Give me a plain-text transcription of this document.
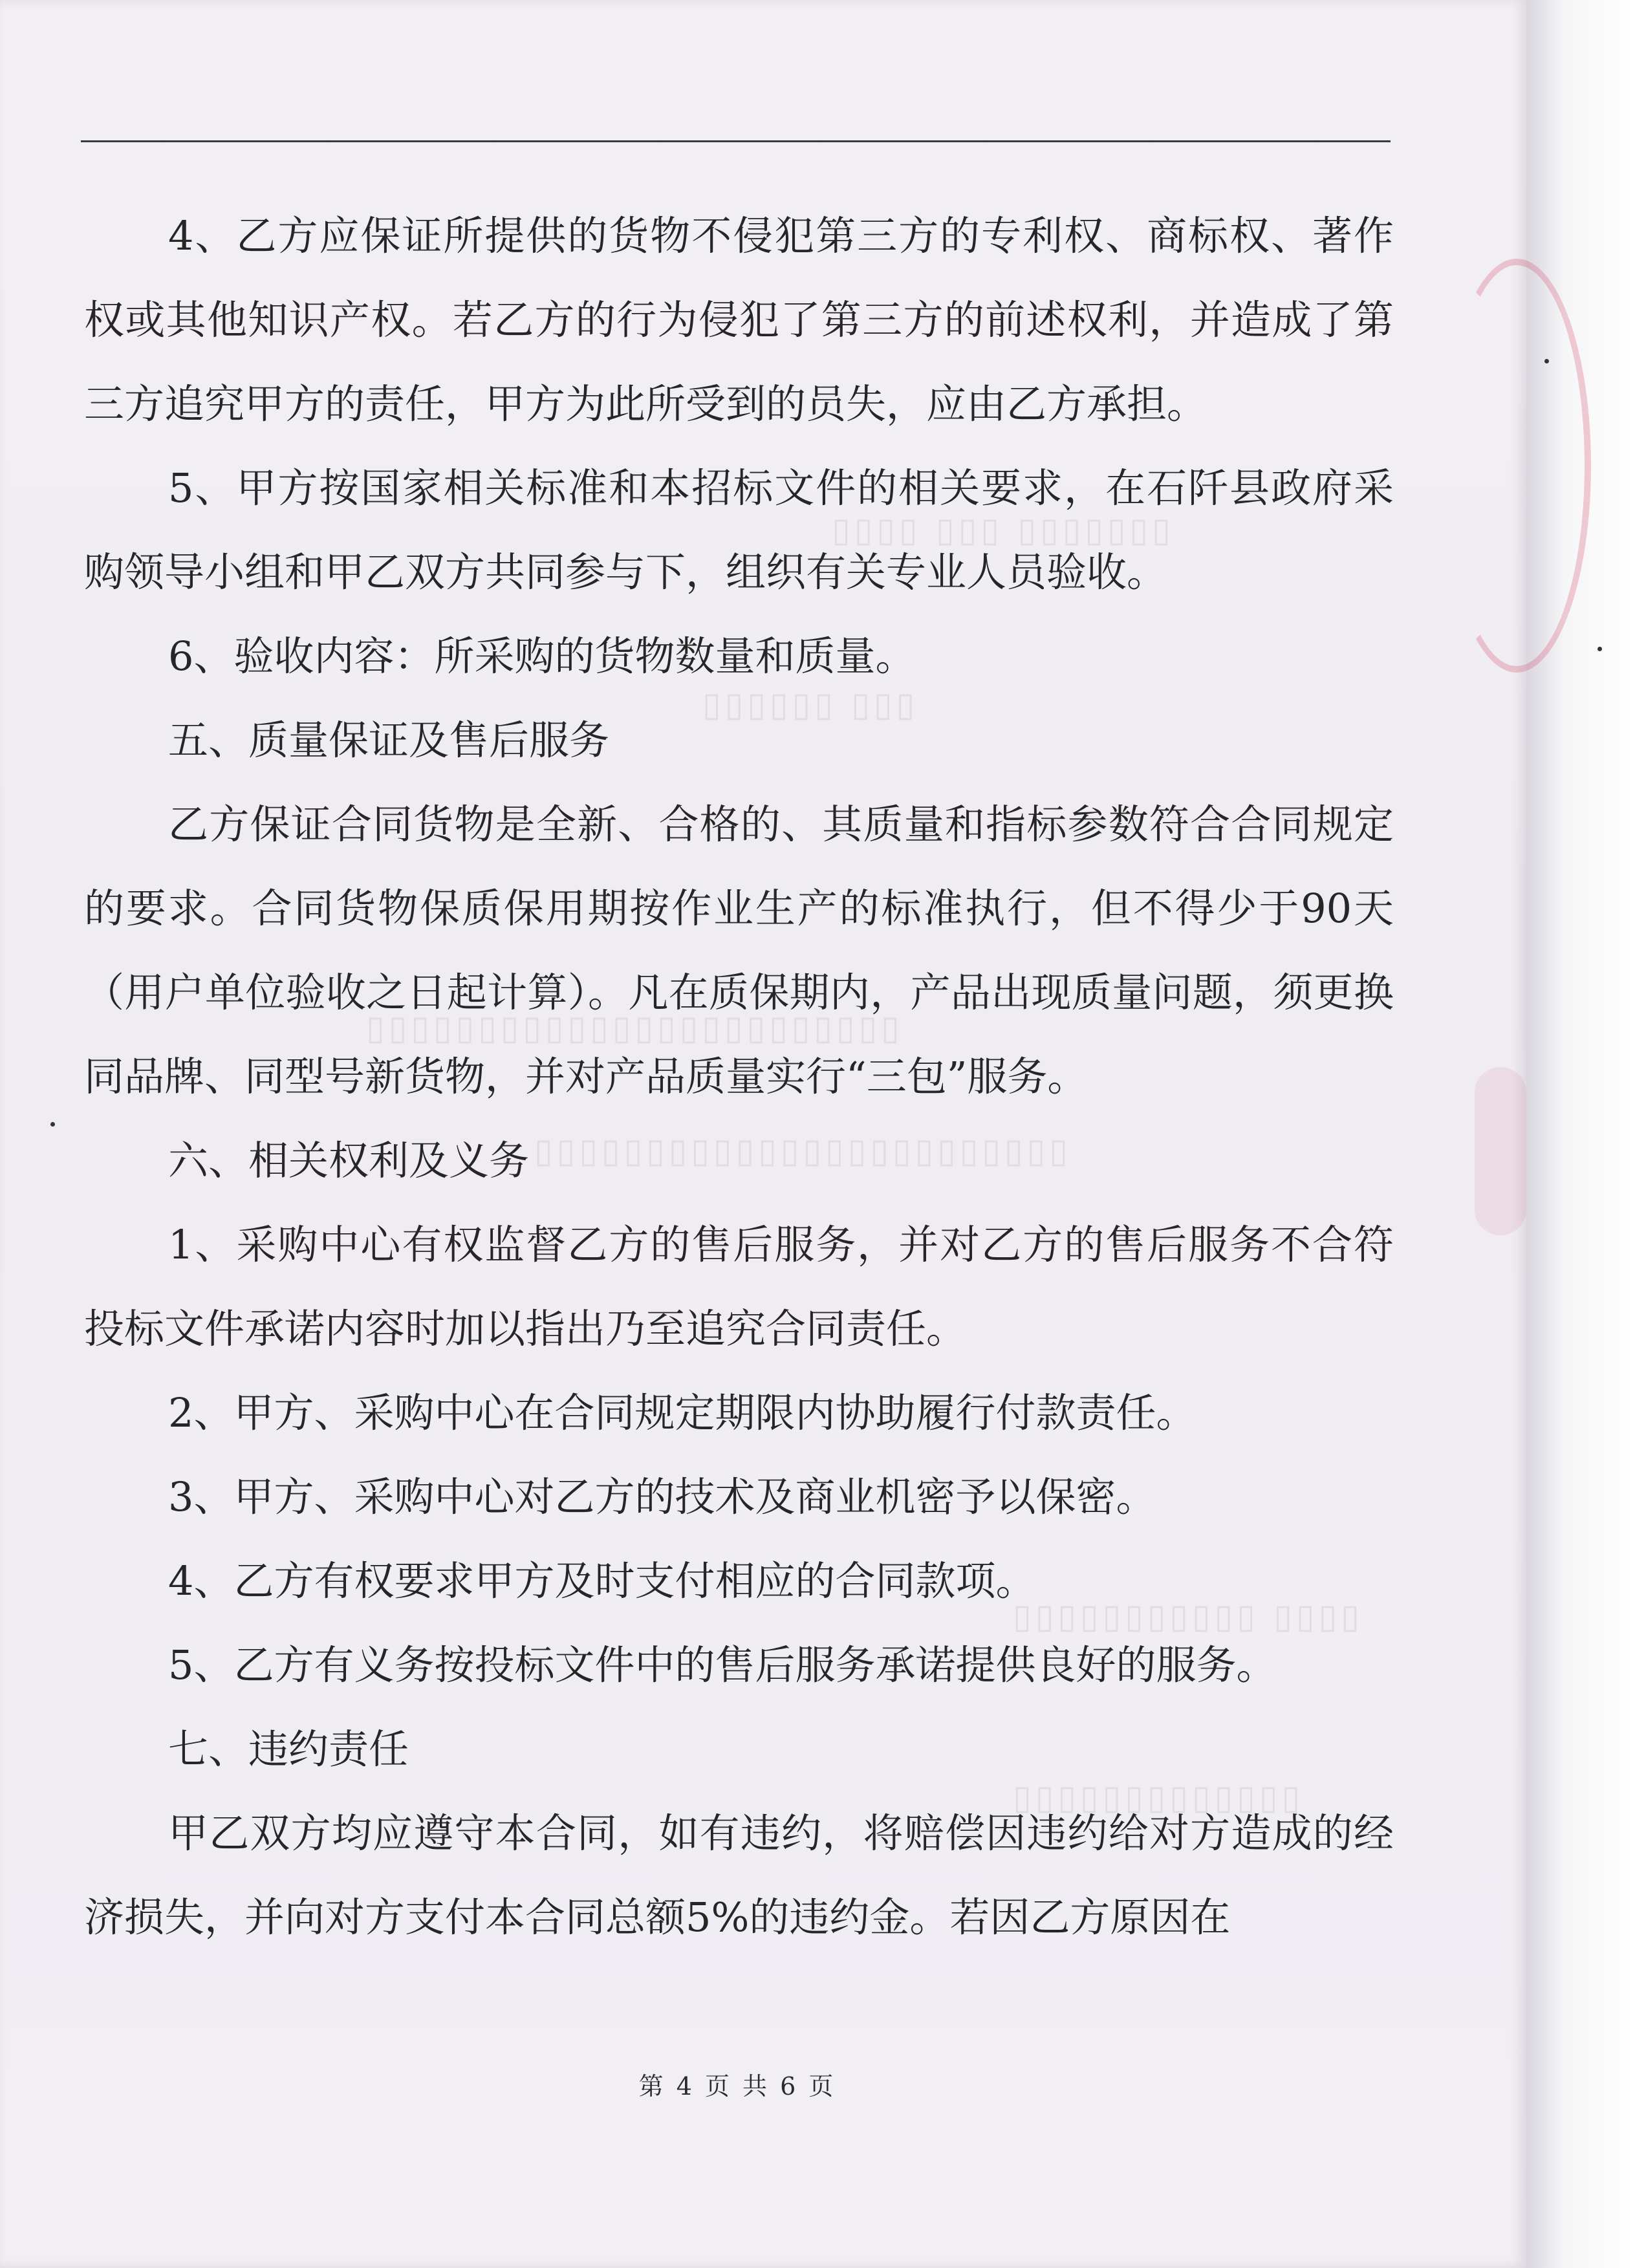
▯▯▯▯▯▯▯ ▯▯▯ ▯▯▯▯
▯▯▯ ▯▯▯▯▯▯
▯▯▯▯▯▯▯▯▯▯▯▯▯▯▯▯▯▯▯▯▯▯▯▯
▯▯▯▯▯▯▯▯▯▯▯▯▯▯▯▯▯▯▯▯▯▯▯▯
▯▯▯▯ ▯▯▯▯▯▯▯▯▯▯▯
▯▯▯▯▯▯▯▯▯▯▯▯▯

4、乙方应保证所提供的货物不侵犯第三方的专利权、商标权、著作权或其他知识产权。若乙方的行为侵犯了第三方的前述权利，并造成了第三方追究甲方的责任，甲方为此所受到的员失，应由乙方承担。

5、甲方按国家相关标准和本招标文件的相关要求，在石阡县政府采购领导小组和甲乙双方共同参与下，组织有关专业人员验收。

6、验收内容：所采购的货物数量和质量。

五、质量保证及售后服务

乙方保证合同货物是全新、合格的、其质量和指标参数符合合同规定的要求。合同货物保质保用期按作业生产的标准执行，但不得少于90天（用户单位验收之日起计算）。凡在质保期内，产品出现质量问题，须更换同品牌、同型号新货物，并对产品质量实行“三包”服务。

六、相关权利及义务

1、采购中心有权监督乙方的售后服务，并对乙方的售后服务不合符投标文件承诺内容时加以指出乃至追究合同责任。

2、甲方、采购中心在合同规定期限内协助履行付款责任。

3、甲方、采购中心对乙方的技术及商业机密予以保密。

4、乙方有权要求甲方及时支付相应的合同款项。

5、乙方有义务按投标文件中的售后服务承诺提供良好的服务。

七、违约责任

甲乙双方均应遵守本合同，如有违约，将赔偿因违约给对方造成的经济损失，并向对方支付本合同总额5%的违约金。若因乙方原因在

第 4 页 共 6 页
